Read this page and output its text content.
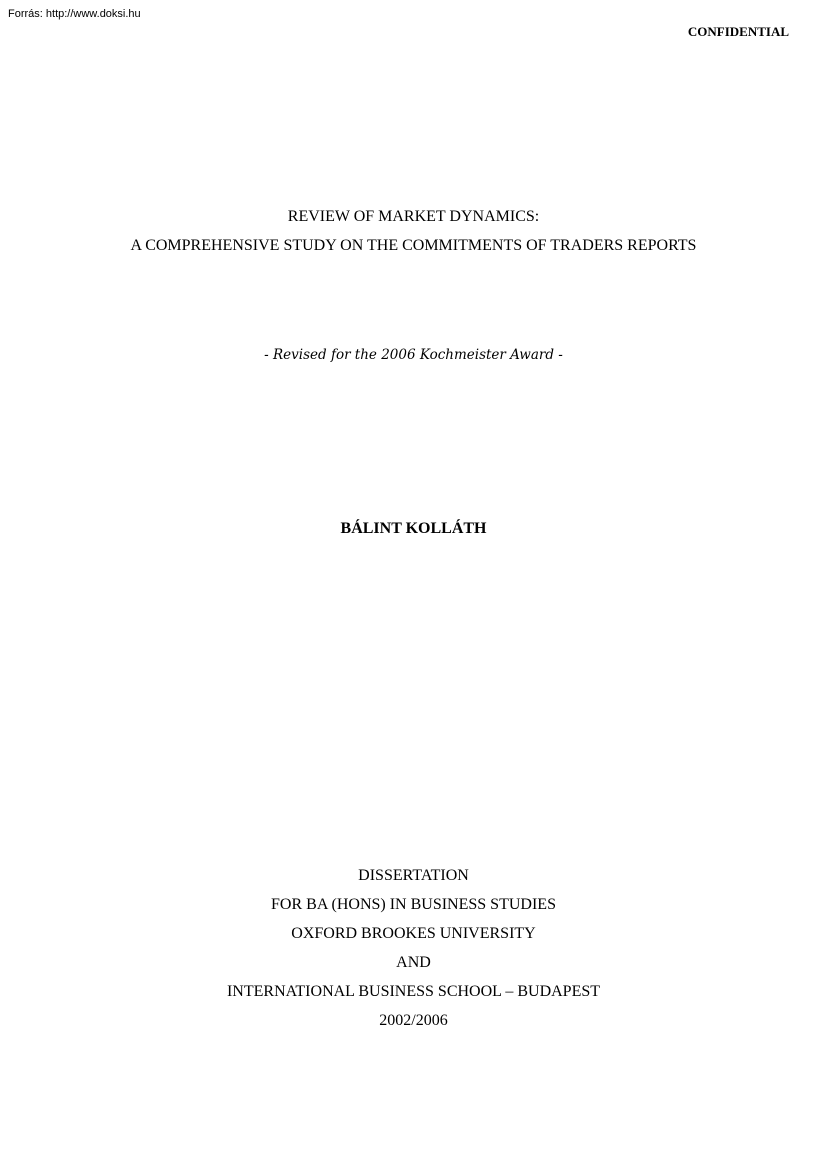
Forrás: http://www.doksi.hu

CONFIDENTIAL

REVIEW OF MARKET DYNAMICS:
A COMPREHENSIVE STUDY ON THE COMMITMENTS OF TRADERS REPORTS
- Revised for the 2006 Kochmeister Award -
BÁLINT KOLLÁTH
DISSERTATION
FOR BA (HONS) IN BUSINESS STUDIES
OXFORD BROOKES UNIVERSITY
AND
INTERNATIONAL BUSINESS SCHOOL – BUDAPEST
2002/2006
